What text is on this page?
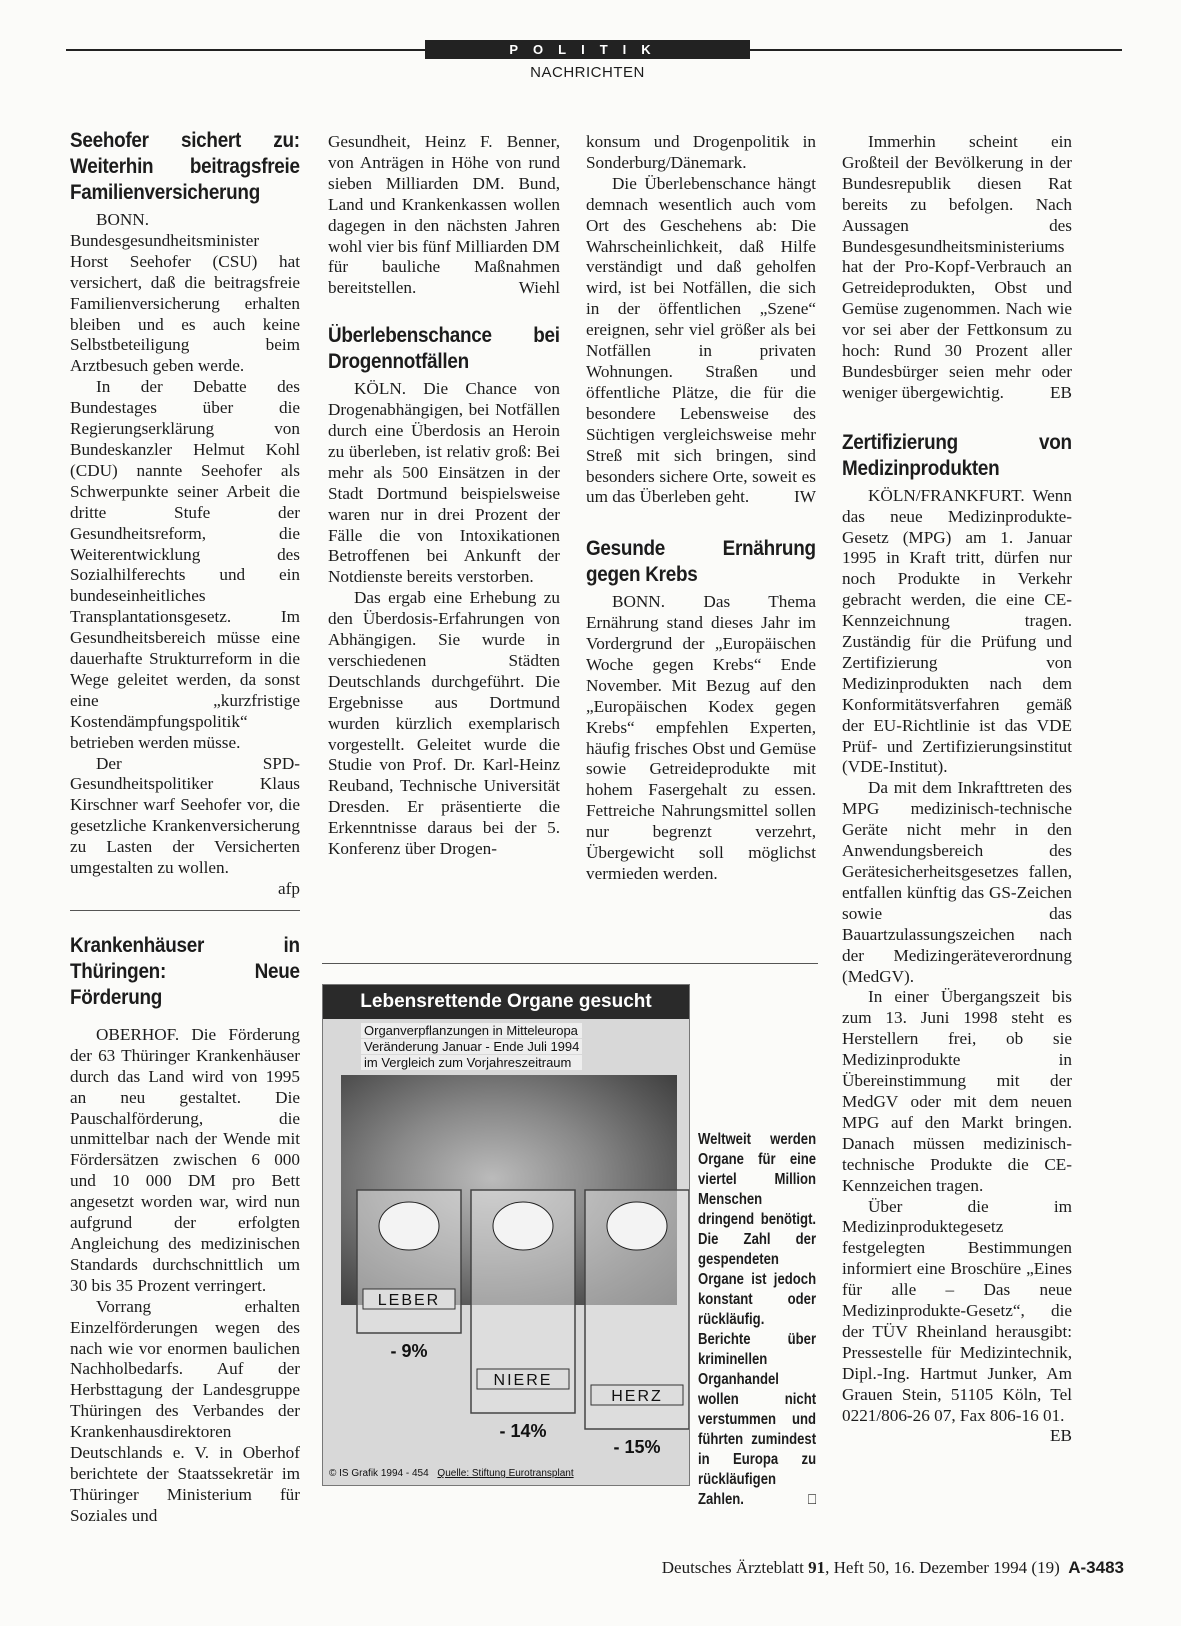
POLITIK
NACHRICHTEN
Seehofer sichert zu: Weiterhin beitragsfreie Familienversicherung

BONN. Bundesgesundheitsminister Horst Seehofer (CSU) hat versichert, daß die beitragsfreie Familienversicherung erhalten bleiben und es auch keine Selbstbeteiligung beim Arztbesuch geben werde.

In der Debatte des Bundestages über die Regierungserklärung von Bundeskanzler Helmut Kohl (CDU) nannte Seehofer als Schwerpunkte seiner Arbeit die dritte Stufe der Gesundheitsreform, die Weiterentwicklung des Sozialhilferechts und ein bundeseinheitliches Transplantationsgesetz. Im Gesundheitsbereich müsse eine dauerhafte Strukturreform in die Wege geleitet werden, da sonst eine „kurzfristige Kostendämpfungspolitik“ betrieben werden müsse.

Der SPD-Gesundheitspolitiker Klaus Kirschner warf Seehofer vor, die gesetzliche Krankenversicherung zu Lasten der Versicherten umgestalten zu wollen.

afp
Krankenhäuser in Thüringen: Neue Förderung

OBERHOF. Die Förderung der 63 Thüringer Krankenhäuser durch das Land wird von 1995 an neu gestaltet. Die Pauschalförderung, die unmittelbar nach der Wende mit Fördersätzen zwischen 6 000 und 10 000 DM pro Bett angesetzt worden war, wird nun aufgrund der erfolgten Angleichung des medizinischen Standards durchschnittlich um 30 bis 35 Prozent verringert.

Vorrang erhalten Einzelförderungen wegen des nach wie vor enormen baulichen Nachholbedarfs. Auf der Herbsttagung der Landesgruppe Thüringen des Verbandes der Krankenhausdirektoren Deutschlands e. V. in Oberhof berichtete der Staatssekretär im Thüringer Ministerium für Soziales und

Gesundheit, Heinz F. Benner, von Anträgen in Höhe von rund sieben Milliarden DM. Bund, Land und Krankenkassen wollen dagegen in den nächsten Jahren wohl vier bis fünf Milliarden DM für bauliche Maßnahmen bereitstellen.	Wiehl
Überlebenschance bei Drogennotfällen

KÖLN. Die Chance von Drogenabhängigen, bei Notfällen durch eine Überdosis an Heroin zu überleben, ist relativ groß: Bei mehr als 500 Einsätzen in der Stadt Dortmund beispielsweise waren nur in drei Prozent der Fälle die von Intoxikationen Betroffenen bei Ankunft der Notdienste bereits verstorben.

Das ergab eine Erhebung zu den Überdosis-Erfahrungen von Abhängigen. Sie wurde in verschiedenen Städten Deutschlands durchgeführt. Die Ergebnisse aus Dortmund wurden kürzlich exemplarisch vorgestellt. Geleitet wurde die Studie von Prof. Dr. Karl-Heinz Reuband, Technische Universität Dresden. Er präsentierte die Erkenntnisse daraus bei der 5. Konferenz über Drogen-

konsum und Drogenpolitik in Sonderburg/Dänemark.

Die Überlebenschance hängt demnach wesentlich auch vom Ort des Geschehens ab: Die Wahrscheinlichkeit, daß Hilfe verständigt und daß geholfen wird, ist bei Notfällen, die sich in der öffentlichen „Szene“ ereignen, sehr viel größer als bei Notfällen in privaten Wohnungen. Straßen und öffentliche Plätze, die für die besondere Lebensweise des Süchtigen vergleichsweise mehr Streß mit sich bringen, sind besonders sichere Orte, soweit es um das Überleben geht.	IW
Gesunde Ernährung gegen Krebs

BONN. Das Thema Ernährung stand dieses Jahr im Vordergrund der „Europäischen Woche gegen Krebs“ Ende November. Mit Bezug auf den „Europäischen Kodex gegen Krebs“ empfehlen Experten, häufig frisches Obst und Gemüse sowie Getreideprodukte mit hohem Fasergehalt zu essen. Fettreiche Nahrungsmittel sollen nur begrenzt verzehrt, Übergewicht soll möglichst vermieden werden.

Immerhin scheint ein Großteil der Bevölkerung in der Bundesrepublik diesen Rat bereits zu befolgen. Nach Aussagen des Bundesgesundheitsministeriums hat der Pro-Kopf-Verbrauch an Getreideprodukten, Obst und Gemüse zugenommen. Nach wie vor sei aber der Fettkonsum zu hoch: Rund 30 Prozent aller Bundesbürger seien mehr oder weniger übergewichtig.	EB
Zertifizierung von Medizinprodukten

KÖLN/FRANKFURT. Wenn das neue Medizinprodukte-Gesetz (MPG) am 1. Januar 1995 in Kraft tritt, dürfen nur noch Produkte in Verkehr gebracht werden, die eine CE-Kennzeichnung tragen. Zuständig für die Prüfung und Zertifizierung von Medizinprodukten nach dem Konformitätsverfahren gemäß der EU-Richtlinie ist das VDE Prüf- und Zertifizierungsinstitut (VDE-Institut).

Da mit dem Inkrafttreten des MPG medizinisch-technische Geräte nicht mehr in den Anwendungsbereich des Gerätesicherheitsgesetzes fallen, entfallen künftig das GS-Zeichen sowie das Bauartzulassungszeichen nach der Medizingeräteverordnung (MedGV).

In einer Übergangszeit bis zum 13. Juni 1998 steht es Herstellern frei, ob sie Medizinprodukte in Übereinstimmung mit der MedGV oder mit dem neuen MPG auf den Markt bringen. Danach müssen medizinisch-technische Produkte die CE-Kennzeichen tragen.

Über die im Medizinproduktegesetz festgelegten Bestimmungen informiert eine Broschüre „Eines für alle – Das neue Medizinprodukte-Gesetz“, die der TÜV Rheinland herausgibt: Pressestelle für Medizintechnik, Dipl.-Ing. Hartmut Junker, Am Grauen Stein, 51105 Köln, Tel 0221/806-26 07, Fax 806-16 01.

EB
Lebensrettende Organe gesucht
Organverpflanzungen in Mitteleuropa
Veränderung Januar - Ende Juli 1994
im Vergleich zum Vorjahreszeitraum
LEBER
- 9%
NIERE
- 14%
HERZ
- 15%
© IS Grafik 1994 - 454 Quelle: Stiftung Eurotransplant
Weltweit werden Organe für eine viertel Million Menschen dringend benötigt. Die Zahl der gespendeten Organe ist jedoch konstant oder rückläufig. Berichte über kriminellen Organhandel wollen nicht verstummen und führten zumindest in Europa zu rückläufigen Zahlen.	□
Deutsches Ärzteblatt 91, Heft 50, 16. Dezember 1994 (19) A-3483
